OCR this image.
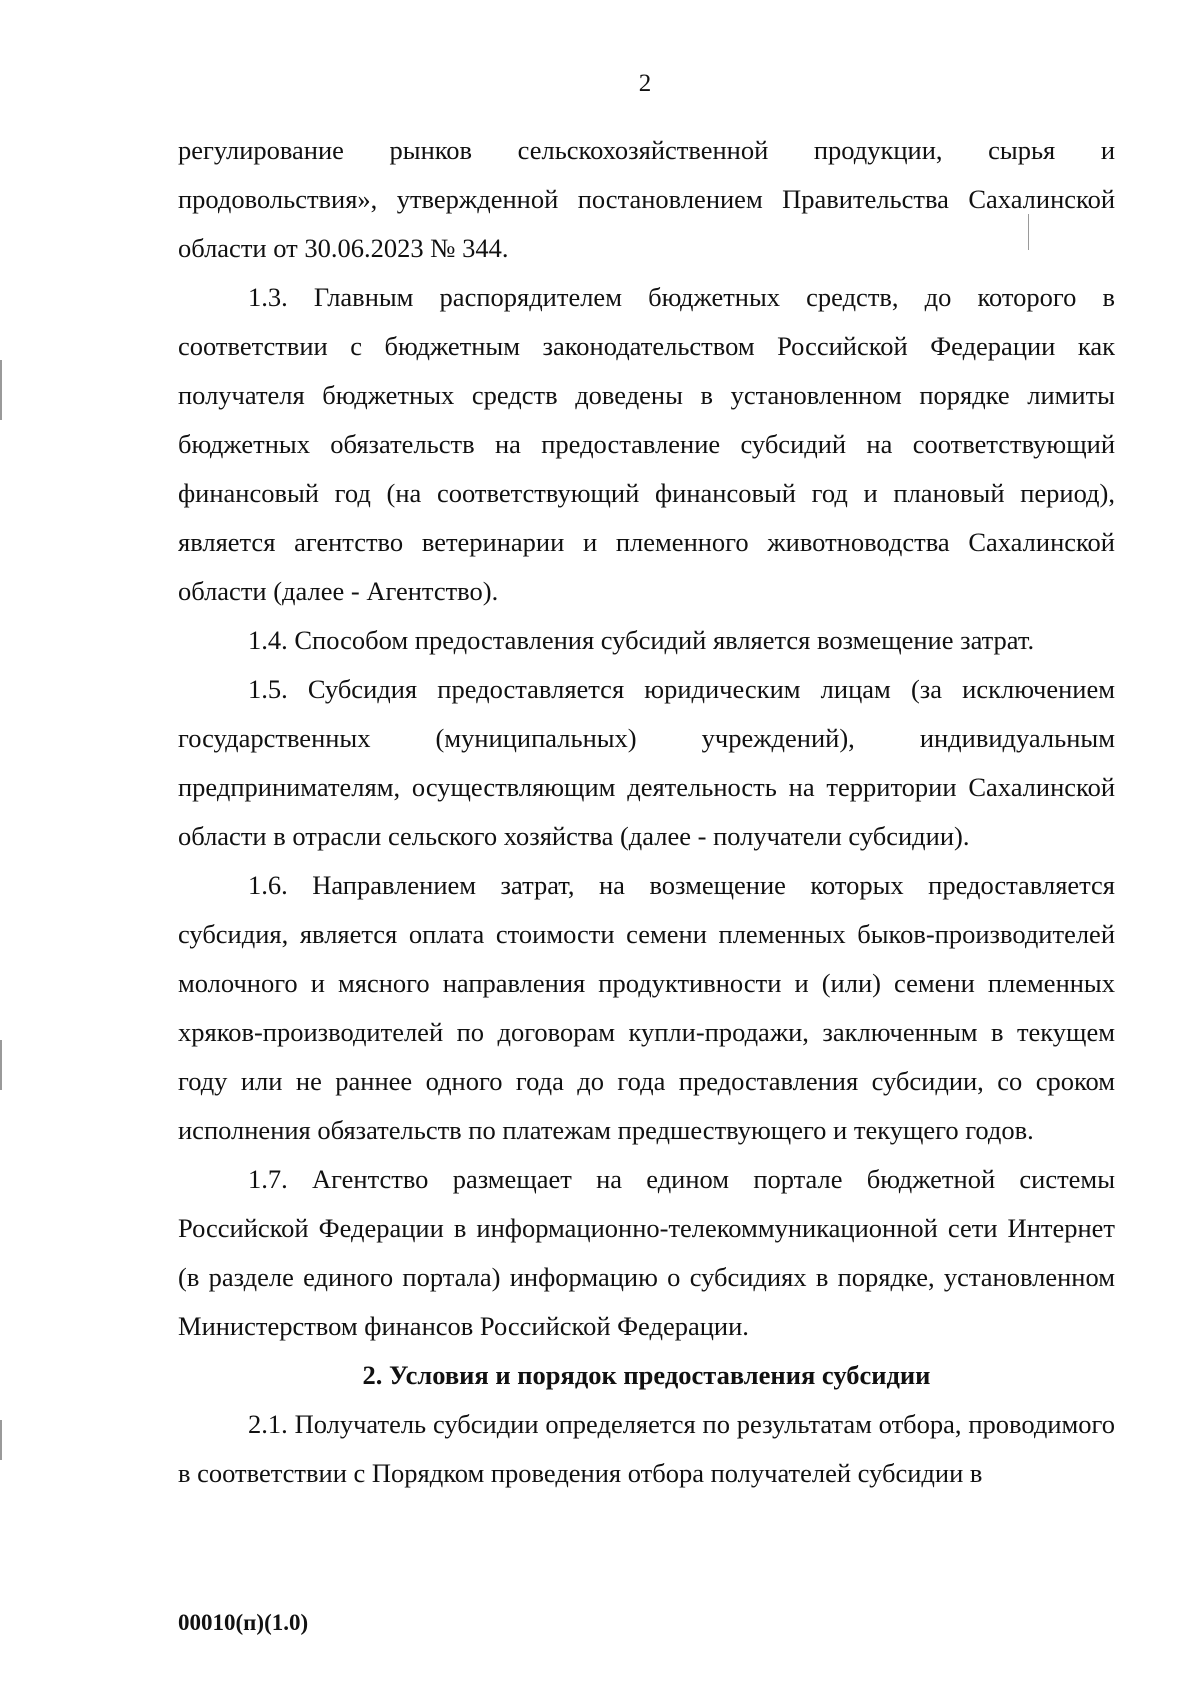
2

регулирование рынков сельскохозяйственной продукции, сырья и продовольствия», утвержденной постановлением Правительства Сахалинской области от 30.06.2023 № 344.

1.3. Главным распорядителем бюджетных средств, до которого в соответствии с бюджетным законодательством Российской Федерации как получателя бюджетных средств доведены в установленном порядке лимиты бюджетных обязательств на предоставление субсидий на соответствующий финансовый год (на соответствующий финансовый год и плановый период), является агентство ветеринарии и племенного животноводства Сахалинской области (далее - Агентство).

1.4. Способом предоставления субсидий является возмещение затрат.

1.5. Субсидия предоставляется юридическим лицам (за исключением государственных (муниципальных) учреждений), индивидуальным предпринимателям, осуществляющим деятельность на территории Сахалинской области в отрасли сельского хозяйства (далее - получатели субсидии).

1.6. Направлением затрат, на возмещение которых предоставляется субсидия, является оплата стоимости семени племенных быков-производителей молочного и мясного направления продуктивности и (или) семени племенных хряков-производителей по договорам купли-продажи, заключенным в текущем году или не раннее одного года до года предоставления субсидии, со сроком исполнения обязательств по платежам предшествующего и текущего годов.

1.7. Агентство размещает на едином портале бюджетной системы Российской Федерации в информационно-телекоммуникационной сети Интернет (в разделе единого портала) информацию о субсидиях в порядке, установленном Министерством финансов Российской Федерации.

2. Условия и порядок предоставления субсидии

2.1. Получатель субсидии определяется по результатам отбора, проводимого в соответствии с Порядком проведения отбора получателей субсидии в

00010(п)(1.0)
